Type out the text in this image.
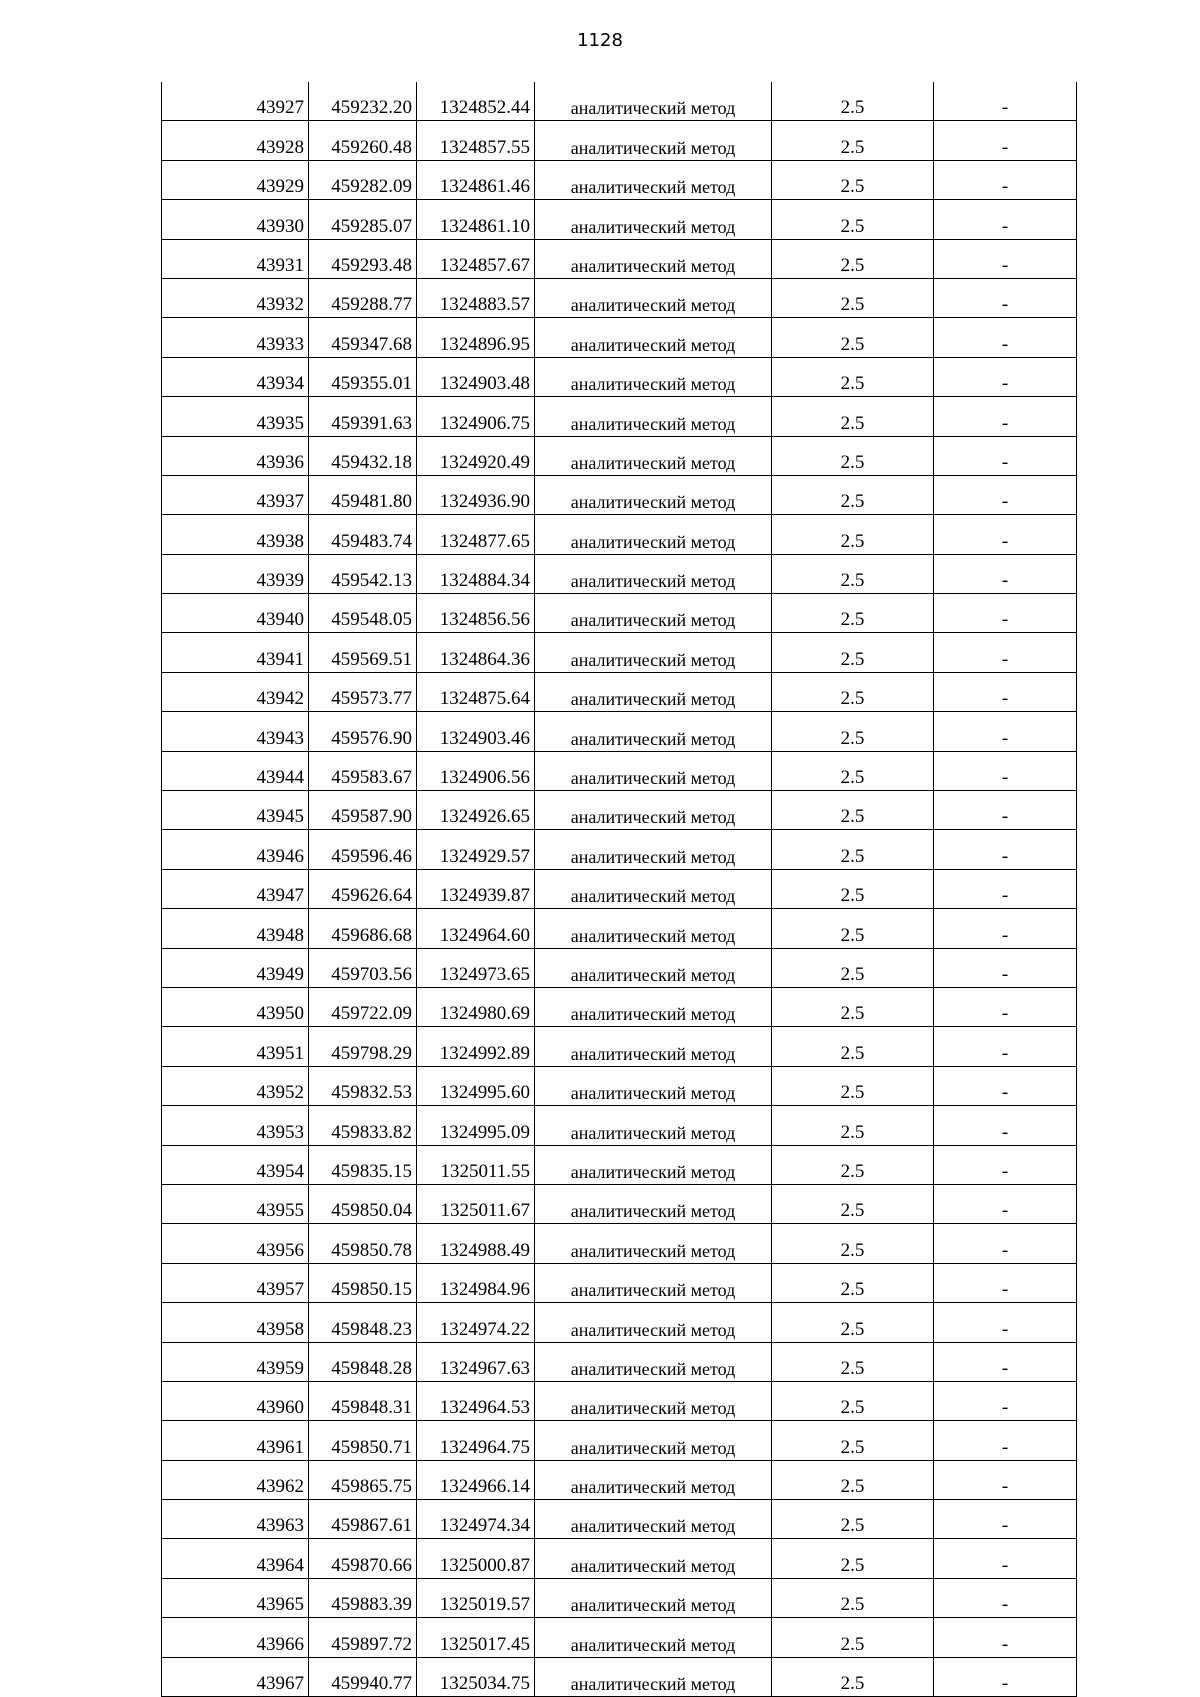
1128
43927	459232.20	1324852.44	аналитический метод	2.5	-
43928	459260.48	1324857.55	аналитический метод	2.5	-
43929	459282.09	1324861.46	аналитический метод	2.5	-
43930	459285.07	1324861.10	аналитический метод	2.5	-
43931	459293.48	1324857.67	аналитический метод	2.5	-
43932	459288.77	1324883.57	аналитический метод	2.5	-
43933	459347.68	1324896.95	аналитический метод	2.5	-
43934	459355.01	1324903.48	аналитический метод	2.5	-
43935	459391.63	1324906.75	аналитический метод	2.5	-
43936	459432.18	1324920.49	аналитический метод	2.5	-
43937	459481.80	1324936.90	аналитический метод	2.5	-
43938	459483.74	1324877.65	аналитический метод	2.5	-
43939	459542.13	1324884.34	аналитический метод	2.5	-
43940	459548.05	1324856.56	аналитический метод	2.5	-
43941	459569.51	1324864.36	аналитический метод	2.5	-
43942	459573.77	1324875.64	аналитический метод	2.5	-
43943	459576.90	1324903.46	аналитический метод	2.5	-
43944	459583.67	1324906.56	аналитический метод	2.5	-
43945	459587.90	1324926.65	аналитический метод	2.5	-
43946	459596.46	1324929.57	аналитический метод	2.5	-
43947	459626.64	1324939.87	аналитический метод	2.5	-
43948	459686.68	1324964.60	аналитический метод	2.5	-
43949	459703.56	1324973.65	аналитический метод	2.5	-
43950	459722.09	1324980.69	аналитический метод	2.5	-
43951	459798.29	1324992.89	аналитический метод	2.5	-
43952	459832.53	1324995.60	аналитический метод	2.5	-
43953	459833.82	1324995.09	аналитический метод	2.5	-
43954	459835.15	1325011.55	аналитический метод	2.5	-
43955	459850.04	1325011.67	аналитический метод	2.5	-
43956	459850.78	1324988.49	аналитический метод	2.5	-
43957	459850.15	1324984.96	аналитический метод	2.5	-
43958	459848.23	1324974.22	аналитический метод	2.5	-
43959	459848.28	1324967.63	аналитический метод	2.5	-
43960	459848.31	1324964.53	аналитический метод	2.5	-
43961	459850.71	1324964.75	аналитический метод	2.5	-
43962	459865.75	1324966.14	аналитический метод	2.5	-
43963	459867.61	1324974.34	аналитический метод	2.5	-
43964	459870.66	1325000.87	аналитический метод	2.5	-
43965	459883.39	1325019.57	аналитический метод	2.5	-
43966	459897.72	1325017.45	аналитический метод	2.5	-
43967	459940.77	1325034.75	аналитический метод	2.5	-
